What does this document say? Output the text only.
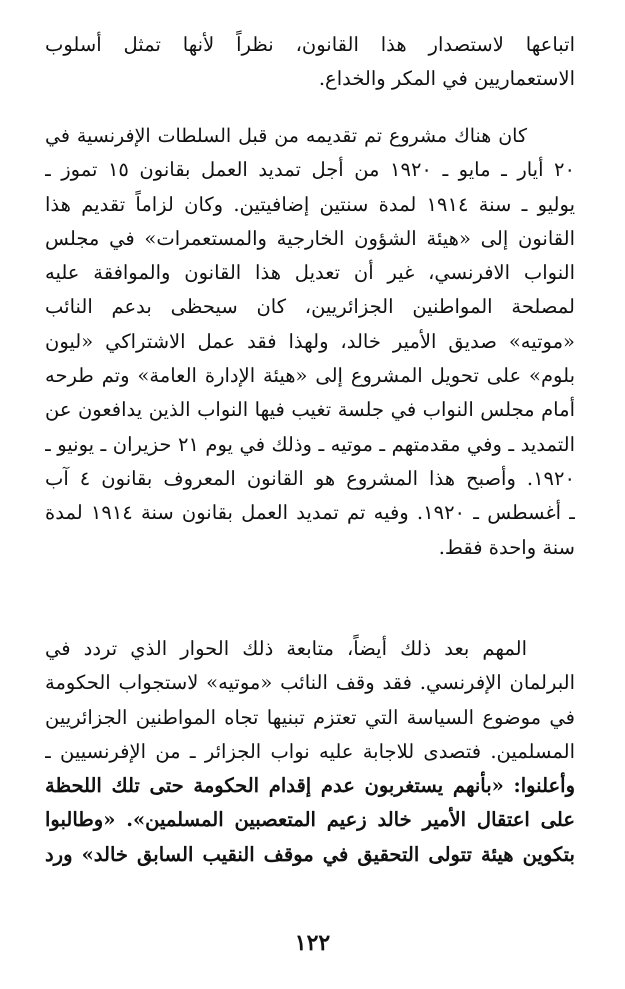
اتباعها لاستصدار هذا القانون، نظراً لأنها تمثل أسلوب
الاستعماريين في المكر والخداع.
كان هناك مشروع تم تقديمه من قبل السلطات الإفرنسية في
٢٠ أيار ـ مايو ـ ١٩٢٠ من أجل تمديد العمل بقانون ١٥ تموز ـ
يوليو ـ سنة ١٩١٤ لمدة سنتين إضافيتين. وكان لزاماً تقديم هذا
القانون إلى «هيئة الشؤون الخارجية والمستعمرات» في مجلس
النواب الافرنسي، غير أن تعديل هذا القانون والموافقة عليه
لمصلحة المواطنين الجزائريين، كان سيحظى بدعم النائب
«موتيه» صديق الأمير خالد، ولهذا فقد عمل الاشتراكي «ليون
بلوم» على تحويل المشروع إلى «هيئة الإدارة العامة» وتم طرحه
أمام مجلس النواب في جلسة تغيب فيها النواب الذين يدافعون عن
التمديد ـ وفي مقدمتهم ـ موتيه ـ وذلك في يوم ٢١ حزيران ـ يونيو ـ
١٩٢٠. وأصبح هذا المشروع هو القانون المعروف بقانون ٤ آب
ـ أغسطس ـ ١٩٢٠. وفيه تم تمديد العمل بقانون سنة ١٩١٤ لمدة
سنة واحدة فقط.
المهم بعد ذلك أيضاً، متابعة ذلك الحوار الذي تردد في
البرلمان الإفرنسي. فقد وقف النائب «موتيه» لاستجواب الحكومة
في موضوع السياسة التي تعتزم تبنيها تجاه المواطنين الجزائريين
المسلمين. فتصدى للاجابة عليه نواب الجزائر ـ من الإفرنسيين ـ
وأعلنوا: «بأنهم يستغربون عدم إقدام الحكومة حتى تلك اللحظة
على اعتقال الأمير خالد زعيم المتعصبين المسلمين». «وطالبوا
بتكوين هيئة تتولى التحقيق في موقف النقيب السابق خالد» ورد
١٢٢
